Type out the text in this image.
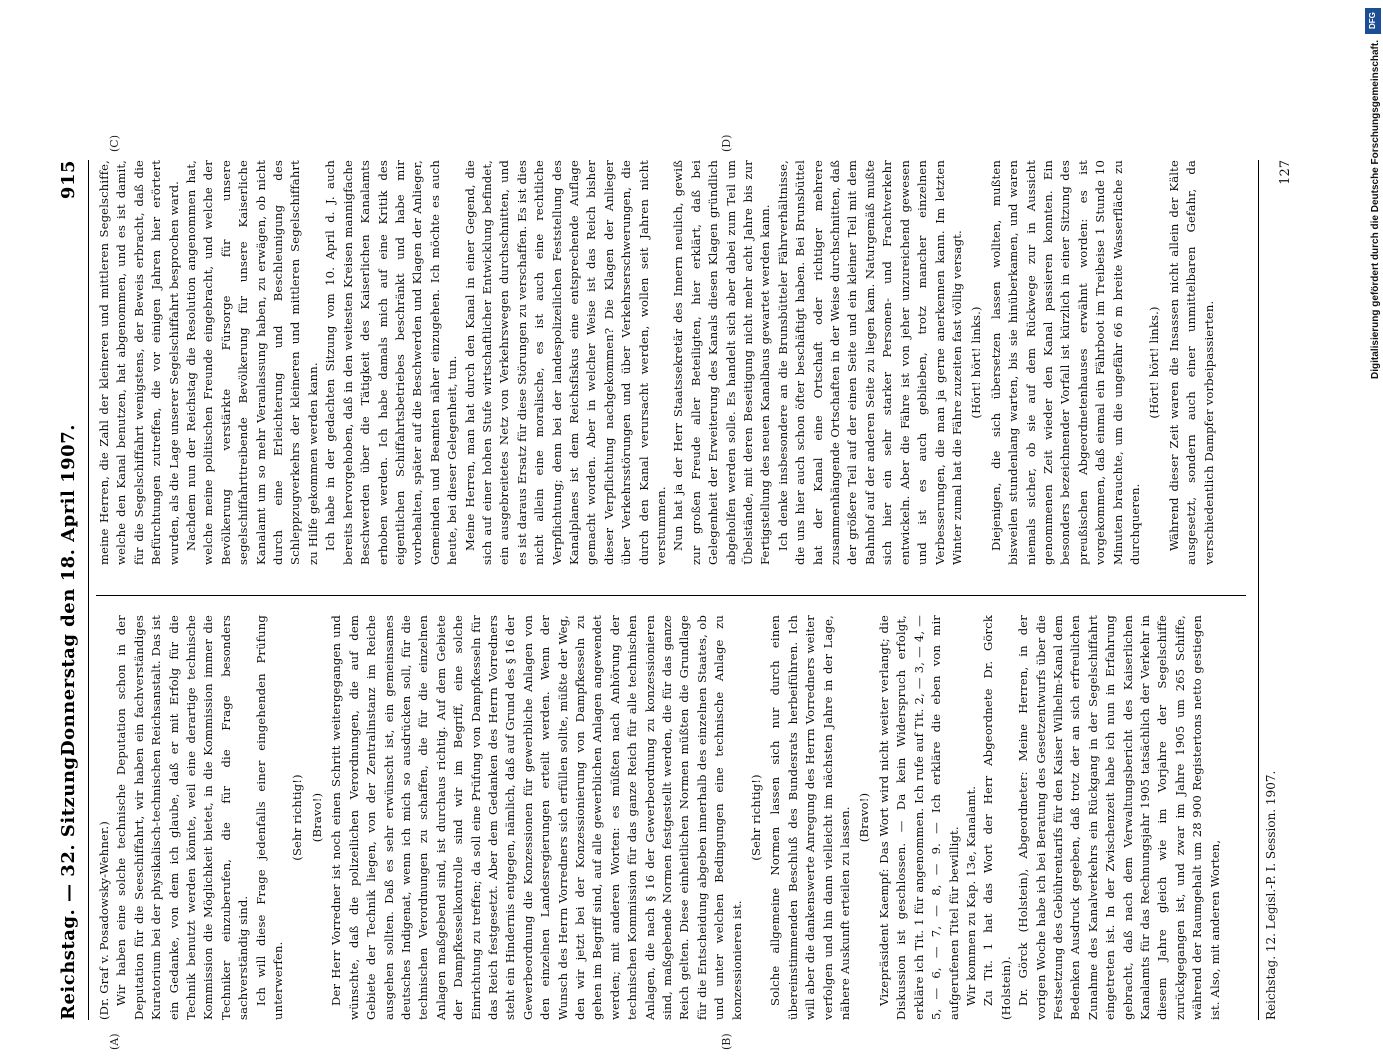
Reichstag. — 32. Sitzung.
Donnerstag den 18. April 1907.
915
(A)	(B)
(C)	(D)

(Dr. Graf v. Posadowsky-Wehner.) Wir haben eine solche technische Deputation schon in der Deputation für die Seeschiffahrt, wir haben ein fachverständiges Kuratorium bei der physikalisch-technischen Reichsanstalt. Das ist ein Gedanke, von dem ich glaube, daß er mit Erfolg für die Technik benutzt werden könnte, weil eine derartige technische Kommission die Möglichkeit bietet, in die Kommission immer die Techniker einzuberufen, die für die Frage besonders sachverständig sind. Ich will diese Frage jedenfalls einer eingehenden Prüfung unterwerfen.

(Sehr richtig!) (Bravo!) Der Herr Vorredner ist noch einen Schritt weitergegangen und wünschte, daß die polizeilichen Verordnungen, die auf dem Gebiete der Technik liegen, von der Zentralinstanz im Reiche ausgehen sollten. Daß es sehr erwünscht ist, ein gemeinsames deutsches Indigenat, wenn ich mich so ausdrücken soll, für die technischen Verordnungen zu schaffen, die für die einzelnen Anlagen maßgebend sind, ist durchaus richtig. Auf dem Gebiete der Dampfkesselkontrolle sind wir im Begriff, eine solche Einrichtung zu treffen; da soll eine Prüfung von Dampfkesseln für das Reich festgesetzt. Aber dem Gedanken des Herrn Vorredners steht ein Hindernis entgegen, nämlich, daß auf Grund des § 16 der Gewerbeordnung die Konzessionen für gewerbliche Anlagen von den einzelnen Landesregierungen erteilt werden. Wenn der Wunsch des Herrn Vorredners sich erfüllen sollte, müßte der Weg, den wir jetzt bei der Konzessionierung von Dampfkesseln zu gehen im Begriff sind, auf alle gewerblichen Anlagen angewendet werden; mit anderen Worten: es müßten nach Anhörung der technischen Kommission für das ganze Reich für alle technischen Anlagen, die nach § 16 der Gewerbeordnung zu konzessionieren sind, maßgebende Normen festgestellt werden, die für das ganze Reich gelten. Diese einheitlichen Normen müßten die Grundlage für die Entscheidung abgeben innerhalb des einzelnen Staates, ob und unter welchen Bedingungen eine technische Anlage zu konzessionieren ist.

(Sehr richtig!) Solche allgemeine Normen lassen sich nur durch einen übereinstimmenden Beschluß des Bundesrats herbeiführen. Ich will aber die dankenswerte Anregung des Herrn Vorredners weiter verfolgen und hin dann vielleicht im nächsten Jahre in der Lage, nähere Auskunft erteilen zu lassen. (Bravo!) Vizepräsident Kaempf: Das Wort wird nicht weiter verlangt; die Diskussion ist geschlossen. — Da kein Widerspruch erfolgt, erkläre ich Tit. 1 für angenommen. Ich rufe auf Tit. 2, — 3, — 4, — 5, — 6, — 7, — 8, — 9. — Ich erkläre die eben von mir aufgerufenen Titel für bewilligt. Wir kommen zu Kap. 13e, Kanalamt. Zu Tit. 1 hat das Wort der Herr Abgeordnete Dr. Görck (Holstein). Dr. Görck (Holstein), Abgeordneter: Meine Herren, in der vorigen Woche habe ich bei Beratung des Gesetzentwurfs über die Festsetzung des Gebührentarifs für den Kaiser Wilhelm-Kanal dem Bedenken Ausdruck gegeben, daß trotz der an sich erfreulichen Zunahme des Kanalverkehrs ein Rückgang in der Segelschiffahrt eingetreten ist. In der Zwischenzeit habe ich nun in Erfahrung gebracht, daß nach dem Verwaltungsbericht des Kaiserlichen Kanalamts für das Rechnungsjahr 1905 tatsächlich der Verkehr in diesem Jahre gleich wie im Vorjahre der Segelschiffe zurückgegangen ist, und zwar im Jahre 1905 um 265 Schiffe, während der Raumgehalt um 28 900 Registertons netto gestiegen ist. Also, mit anderen Worten,

meine Herren, die Zahl der kleineren und mittleren Segelschiffe, welche den Kanal benutzen, hat abgenommen, und es ist damit, für die Segelschiffahrt wenigstens, der Beweis erbracht, daß die Befürchtungen zutreffen, die vor einigen Jahren hier erörtert wurden, als die Lage unserer Segelschiffahrt besprochen ward. Nachdem nun der Reichstag die Resolution angenommen hat, welche meine politischen Freunde eingebracht, und welche der Bevölkerung verstärkte Fürsorge für unsere segelschiffahrttreibende Bevölkerung für unsere Kaiserliche Kanalamt um so mehr Veranlassung haben, zu erwägen, ob nicht durch eine Erleichterung und Beschleunigung des Schleppzugverkehrs der kleineren und mittleren Segelschiffahrt zu Hilfe gekommen werden kann. Ich habe in der gedachten Sitzung vom 10. April d. J. auch bereits hervorgehoben, daß in den weitesten Kreisen mannigfache Beschwerden über die Tätigkeit des Kaiserlichen Kanalamts erhoben werden. Ich habe damals mich auf eine Kritik des eigentlichen Schiffahrtsbetriebes beschränkt und habe mir vorbehalten, später auf die Beschwerden und Klagen der Anlieger, Gemeinden und Beamten näher einzugehen. Ich möchte es auch heute, bei dieser Gelegenheit, tun. Meine Herren, man hat durch den Kanal in einer Gegend, die sich auf einer hohen Stufe wirtschaftlicher Entwicklung befindet, ein ausgebreitetes Netz von Verkehrswegen durchschnitten, und es ist daraus Ersatz für diese Störungen zu verschaffen. Es ist dies nicht allein eine moralische, es ist auch eine rechtliche Verpflichtung; denn bei der landespolizeilichen Feststellung des Kanalplanes ist dem Reichsfiskus eine entsprechende Auflage gemacht worden. Aber in welcher Weise ist das Reich bisher dieser Verpflichtung nachgekommen? Die Klagen der Anlieger über Verkehrsstörungen und über Verkehrserschwerungen, die durch den Kanal verursacht werden, wollen seit Jahren nicht verstummen. Nun hat ja der Herr Staatssekretär des Innern neulich, gewiß zur großen Freude aller Beteiligten, hier erklärt, daß bei Gelegenheit der Erweiterung des Kanals diesen Klagen gründlich abgeholfen werden solle. Es handelt sich aber dabei zum Teil um Übelstände, mit deren Beseitigung nicht mehr acht Jahre bis zur Fertigstellung des neuen Kanalbaus gewartet werden kann. Ich denke insbesondere an die Brunsbütteler Fährverhältnisse, die uns hier auch schon öfter beschäftigt haben. Bei Brunsbüttel hat der Kanal eine Ortschaft oder richtiger mehrere zusammenhängende Ortschaften in der Weise durchschnitten, daß der größere Teil auf der einen Seite und ein kleiner Teil mit dem Bahnhof auf der anderen Seite zu liegen kam. Naturgemäß mußte sich hier ein sehr starker Personen- und Frachtverkehr entwickeln. Aber die Fähre ist von jeher unzureichend gewesen und ist es auch geblieben, trotz mancher einzelnen Verbesserungen, die man ja gerne anerkennen kann. Im letzten Winter zumal hat die Fähre zuzeiten fast völlig versagt. (Hört! hört! links.) Diejenigen, die sich übersetzen lassen wollten, mußten bisweilen stundenlang warten, bis sie hinüberkamen, und waren niemals sicher, ob sie auf dem Rückwege zur in Aussicht genommenen Zeit wieder den Kanal passieren konnten. Ein besonders bezeichnender Vorfall ist kürzlich in einer Sitzung des preußischen Abgeordnetenhauses erwähnt worden: es ist vorgekommen, daß einmal ein Fährboot im Treibeise 1 Stunde 10 Minuten brauchte, um die ungefähr 66 m breite Wasserfläche zu durchqueren.

(Hört! hört! links.) Während dieser Zeit waren die Insassen nicht allein der Kälte ausgesetzt, sondern auch einer unmittelbaren Gefahr, da verschiedentlich Dampfer vorbeipassierten.

Reichstag. 12. Legisl.-P. I. Session. 1907.
127
DFG
Digitalisierung gefördert durch die Deutsche Forschungsgemeinschaft.
